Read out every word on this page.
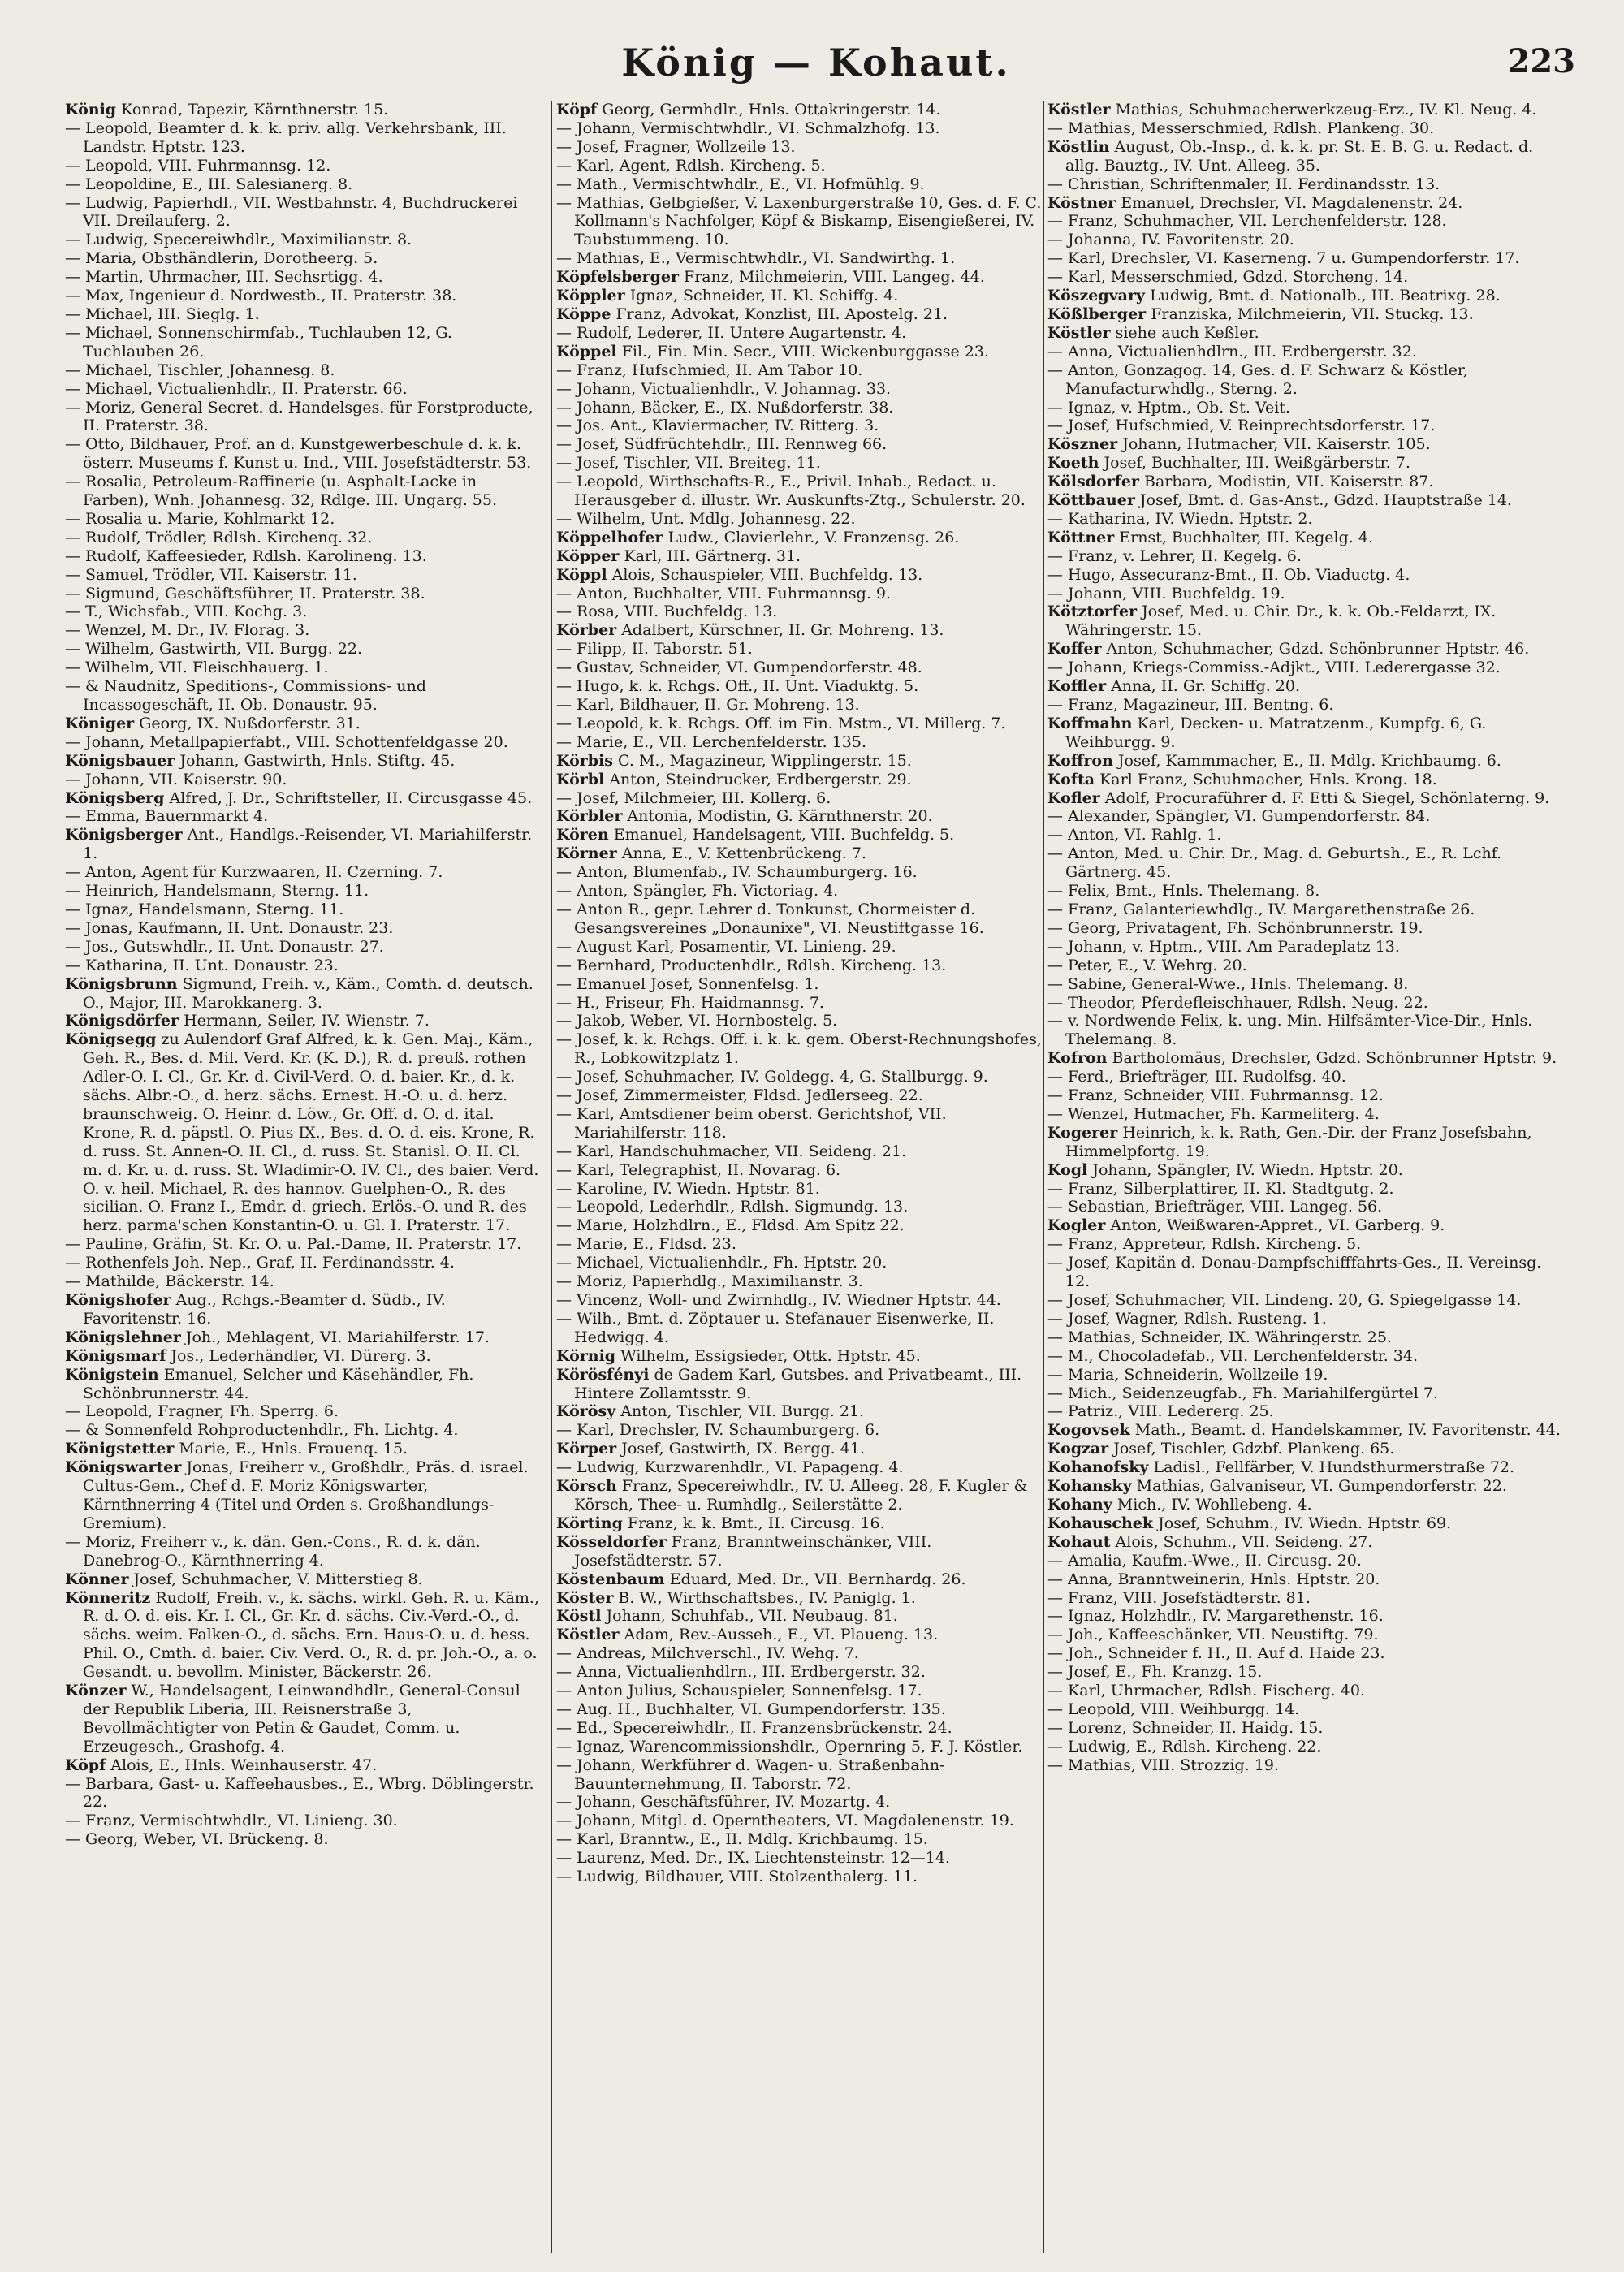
König — Kohaut.	223
König Konrad, Tapezir, Kärnthnerstr. 15.
— Leopold, Beamter d. k. k. priv. allg. Verkehrsbank, III. Landstr. Hptstr. 123.
— Leopold, VIII. Fuhrmannsg. 12.
— Leopoldine, E., III. Salesianerg. 8.
— Ludwig, Papierhdl., VII. Westbahnstr. 4, Buchdruckerei VII. Dreilauferg. 2.
— Ludwig, Specereiwhdlr., Maximilianstr. 8.
— Maria, Obsthändlerin, Dorotheerg. 5.
— Martin, Uhrmacher, III. Sechsrtigg. 4.
— Max, Ingenieur d. Nordwestb., II. Praterstr. 38.
— Michael, III. Sieglg. 1.
— Michael, Sonnenschirmfab., Tuchlauben 12, G. Tuchlauben 26.
— Michael, Tischler, Johannesg. 8.
— Michael, Victualienhdlr., II. Praterstr. 66.
— Moriz, General Secret. d. Handelsges. für Forstproducte, II. Praterstr. 38.
— Otto, Bildhauer, Prof. an d. Kunstgewerbeschule d. k. k. österr. Museums f. Kunst u. Ind., VIII. Josefstädterstr. 53.
— Rosalia, Petroleum-Raffinerie (u. Asphalt-Lacke in Farben), Wnh. Johannesg. 32, Rdlge. III. Ungarg. 55.
— Rosalia u. Marie, Kohlmarkt 12.
— Rudolf, Trödler, Rdlsh. Kirchenq. 32.
— Rudolf, Kaffeesieder, Rdlsh. Karolineng. 13.
— Samuel, Trödler, VII. Kaiserstr. 11.
— Sigmund, Geschäftsführer, II. Praterstr. 38.
— T., Wichsfab., VIII. Kochg. 3.
— Wenzel, M. Dr., IV. Florag. 3.
— Wilhelm, Gastwirth, VII. Burgg. 22.
— Wilhelm, VII. Fleischhauerg. 1.
— & Naudnitz, Speditions-, Commissions- und Incassogeschäft, II. Ob. Donaustr. 95.
Königer Georg, IX. Nußdorferstr. 31.
— Johann, Metallpapierfabt., VIII. Schottenfeldgasse 20.
Königsbauer Johann, Gastwirth, Hnls. Stiftg. 45.
— Johann, VII. Kaiserstr. 90.
Königsberg Alfred, J. Dr., Schriftsteller, II. Circusgasse 45.
— Emma, Bauernmarkt 4.
Königsberger Ant., Handlgs.-Reisender, VI. Mariahilferstr. 1.
— Anton, Agent für Kurzwaaren, II. Czerning. 7.
— Heinrich, Handelsmann, Sterng. 11.
— Ignaz, Handelsmann, Sterng. 11.
— Jonas, Kaufmann, II. Unt. Donaustr. 23.
— Jos., Gutswhdlr., II. Unt. Donaustr. 27.
— Katharina, II. Unt. Donaustr. 23.
Königsbrunn Sigmund, Freih. v., Käm., Comth. d. deutsch. O., Major, III. Marokkanerg. 3.
Königsdörfer Hermann, Seiler, IV. Wienstr. 7.
Königsegg zu Aulendorf Graf Alfred, k. k. Gen. Maj., Käm., Geh. R., Bes. d. Mil. Verd. Kr. (K. D.), R. d. preuß. rothen Adler-O. I. Cl., Gr. Kr. d. Civil-Verd. O. d. baier. Kr., d. k. sächs. Albr.-O., d. herz. sächs. Ernest. H.-O. u. d. herz. braunschweig. O. Heinr. d. Löw., Gr. Off. d. O. d. ital. Krone, R. d. päpstl. O. Pius IX., Bes. d. O. d. eis. Krone, R. d. russ. St. Annen-O. II. Cl., d. russ. St. Stanisl. O. II. Cl. m. d. Kr. u. d. russ. St. Wladimir-O. IV. Cl., des baier. Verd. O. v. heil. Michael, R. des hannov. Guelphen-O., R. des sicilian. O. Franz I., Emdr. d. griech. Erlös.-O. und R. des herz. parma'schen Konstantin-O. u. Gl. I. Praterstr. 17.
— Pauline, Gräfin, St. Kr. O. u. Pal.-Dame, II. Praterstr. 17.
— Rothenfels Joh. Nep., Graf, II. Ferdinandsstr. 4.
— Mathilde, Bäckerstr. 14.
Königshofer Aug., Rchgs.-Beamter d. Südb., IV. Favoritenstr. 16.
Königslehner Joh., Mehlagent, VI. Mariahilferstr. 17.
Königsmarf Jos., Lederhändler, VI. Dürerg. 3.
Königstein Emanuel, Selcher und Käsehändler, Fh. Schönbrunnerstr. 44.
— Leopold, Fragner, Fh. Sperrg. 6.
— & Sonnenfeld Rohproductenhdlr., Fh. Lichtg. 4.
Königstetter Marie, E., Hnls. Frauenq. 15.
Königswarter Jonas, Freiherr v., Großhdlr., Präs. d. israel. Cultus-Gem., Chef d. F. Moriz Königswarter, Kärnthnerring 4 (Titel und Orden s. Großhandlungs-Gremium).
— Moriz, Freiherr v., k. dän. Gen.-Cons., R. d. k. dän. Danebrog-O., Kärnthnerring 4.
Könner Josef, Schuhmacher, V. Mitterstieg 8.
Könneritz Rudolf, Freih. v., k. sächs. wirkl. Geh. R. u. Käm., R. d. O. d. eis. Kr. I. Cl., Gr. Kr. d. sächs. Civ.-Verd.-O., d. sächs. weim. Falken-O., d. sächs. Ern. Haus-O. u. d. hess. Phil. O., Cmth. d. baier. Civ. Verd. O., R. d. pr. Joh.-O., a. o. Gesandt. u. bevollm. Minister, Bäckerstr. 26.
Könzer W., Handelsagent, Leinwandhdlr., General-Consul der Republik Liberia, III. Reisnerstraße 3, Bevollmächtigter von Petin & Gaudet, Comm. u. Erzeugesch., Grashofg. 4.
Köpf Alois, E., Hnls. Weinhauserstr. 47.
— Barbara, Gast- u. Kaffeehausbes., E., Wbrg. Döblingerstr. 22.
— Franz, Vermischtwhdlr., VI. Linieng. 30.
— Georg, Weber, VI. Brückeng. 8.
Köpf Georg, Germhdlr., Hnls. Ottakringerstr. 14.
— Johann, Vermischtwhdlr., VI. Schmalzhofg. 13.
— Josef, Fragner, Wollzeile 13.
— Karl, Agent, Rdlsh. Kircheng. 5.
— Math., Vermischtwhdlr., E., VI. Hofmühlg. 9.
— Mathias, Gelbgießer, V. Laxenburgerstraße 10, Ges. d. F. C. Kollmann's Nachfolger, Köpf & Biskamp, Eisengießerei, IV. Taubstummeng. 10.
— Mathias, E., Vermischtwhdlr., VI. Sandwirthg. 1.
Köpfelsberger Franz, Milchmeierin, VIII. Langeg. 44.
Köppler Ignaz, Schneider, II. Kl. Schiffg. 4.
Köppe Franz, Advokat, Konzlist, III. Apostelg. 21.
— Rudolf, Lederer, II. Untere Augartenstr. 4.
Köppel Fil., Fin. Min. Secr., VIII. Wickenburggasse 23.
— Franz, Hufschmied, II. Am Tabor 10.
— Johann, Victualienhdlr., V. Johannag. 33.
— Johann, Bäcker, E., IX. Nußdorferstr. 38.
— Jos. Ant., Klaviermacher, IV. Ritterg. 3.
— Josef, Südfrüchtehdlr., III. Rennweg 66.
— Josef, Tischler, VII. Breiteg. 11.
— Leopold, Wirthschafts-R., E., Privil. Inhab., Redact. u. Herausgeber d. illustr. Wr. Auskunfts-Ztg., Schulerstr. 20.
— Wilhelm, Unt. Mdlg. Johannesg. 22.
Köppelhofer Ludw., Clavierlehr., V. Franzensg. 26.
Köpper Karl, III. Gärtnerg. 31.
Köppl Alois, Schauspieler, VIII. Buchfeldg. 13.
— Anton, Buchhalter, VIII. Fuhrmannsg. 9.
— Rosa, VIII. Buchfeldg. 13.
Körber Adalbert, Kürschner, II. Gr. Mohreng. 13.
— Filipp, II. Taborstr. 51.
— Gustav, Schneider, VI. Gumpendorferstr. 48.
— Hugo, k. k. Rchgs. Off., II. Unt. Viaduktg. 5.
— Karl, Bildhauer, II. Gr. Mohreng. 13.
— Leopold, k. k. Rchgs. Off. im Fin. Mstm., VI. Millerg. 7.
— Marie, E., VII. Lerchenfelderstr. 135.
Körbis C. M., Magazineur, Wipplingerstr. 15.
Körbl Anton, Steindrucker, Erdbergerstr. 29.
— Josef, Milchmeier, III. Kollerg. 6.
Körbler Antonia, Modistin, G. Kärnthnerstr. 20.
Kören Emanuel, Handelsagent, VIII. Buchfeldg. 5.
Körner Anna, E., V. Kettenbrückeng. 7.
— Anton, Blumenfab., IV. Schaumburgerg. 16.
— Anton, Spängler, Fh. Victoriag. 4.
— Anton R., gepr. Lehrer d. Tonkunst, Chormeister d. Gesangsvereines „Donaunixe", VI. Neustiftgasse 16.
— August Karl, Posamentir, VI. Linieng. 29.
— Bernhard, Productenhdlr., Rdlsh. Kircheng. 13.
— Emanuel Josef, Sonnenfelsg. 1.
— H., Friseur, Fh. Haidmannsg. 7.
— Jakob, Weber, VI. Hornbostelg. 5.
— Josef, k. k. Rchgs. Off. i. k. k. gem. Oberst-Rechnungshofes, R., Lobkowitzplatz 1.
— Josef, Schuhmacher, IV. Goldegg. 4, G. Stallburgg. 9.
— Josef, Zimmermeister, Fldsd. Jedlerseeg. 22.
— Karl, Amtsdiener beim oberst. Gerichtshof, VII. Mariahilferstr. 118.
— Karl, Handschuhmacher, VII. Seideng. 21.
— Karl, Telegraphist, II. Novarag. 6.
— Karoline, IV. Wiedn. Hptstr. 81.
— Leopold, Lederhdlr., Rdlsh. Sigmundg. 13.
— Marie, Holzhdlrn., E., Fldsd. Am Spitz 22.
— Marie, E., Fldsd. 23.
— Michael, Victualienhdlr., Fh. Hptstr. 20.
— Moriz, Papierhdlg., Maximilianstr. 3.
— Vincenz, Woll- und Zwirnhdlg., IV. Wiedner Hptstr. 44.
— Wilh., Bmt. d. Zöptauer u. Stefanauer Eisenwerke, II. Hedwigg. 4.
Körnig Wilhelm, Essigsieder, Ottk. Hptstr. 45.
Körösfényi de Gadem Karl, Gutsbes. and Privatbeamt., III. Hintere Zollamtsstr. 9.
Körösy Anton, Tischler, VII. Burgg. 21.
— Karl, Drechsler, IV. Schaumburgerg. 6.
Körper Josef, Gastwirth, IX. Bergg. 41.
— Ludwig, Kurzwarenhdlr., VI. Papageng. 4.
Körsch Franz, Specereiwhdlr., IV. U. Alleeg. 28, F. Kugler & Körsch, Thee- u. Rumhdlg., Seilerstätte 2.
Körting Franz, k. k. Bmt., II. Circusg. 16.
Kösseldorfer Franz, Branntweinschänker, VIII. Josefstädterstr. 57.
Köstenbaum Eduard, Med. Dr., VII. Bernhardg. 26.
Köster B. W., Wirthschaftsbes., IV. Paniglg. 1.
Köstl Johann, Schuhfab., VII. Neubaug. 81.
Köstler Adam, Rev.-Ausseh., E., VI. Plaueng. 13.
— Andreas, Milchverschl., IV. Wehg. 7.
— Anna, Victualienhdlrn., III. Erdbergerstr. 32.
— Anton Julius, Schauspieler, Sonnenfelsg. 17.
— Aug. H., Buchhalter, VI. Gumpendorferstr. 135.
— Ed., Specereiwhdlr., II. Franzensbrückenstr. 24.
— Ignaz, Warencommissionshdlr., Opernring 5, F. J. Köstler.
— Johann, Werkführer d. Wagen- u. Straßenbahn-Bauunternehmung, II. Taborstr. 72.
— Johann, Geschäftsführer, IV. Mozartg. 4.
— Johann, Mitgl. d. Opernthеaters, VI. Magdalenenstr. 19.
— Karl, Branntw., E., II. Mdlg. Krichbaumg. 15.
— Laurenz, Med. Dr., IX. Liechtensteinstr. 12—14.
— Ludwig, Bildhauer, VIII. Stolzenthalerg. 11.
Köstler Mathias, Schuhmacherwerkzeug-Erz., IV. Kl. Neug. 4.
— Mathias, Messerschmied, Rdlsh. Plankeng. 30.
Köstlin August, Ob.-Insp., d. k. k. pr. St. E. B. G. u. Redact. d. allg. Bauztg., IV. Unt. Alleeg. 35.
— Christian, Schriftenmaler, II. Ferdinandsstr. 13.
Köstner Emanuel, Drechsler, VI. Magdalenenstr. 24.
— Franz, Schuhmacher, VII. Lerchenfelderstr. 128.
— Johanna, IV. Favoritenstr. 20.
— Karl, Drechsler, VI. Kaserneng. 7 u. Gumpendorferstr. 17.
— Karl, Messerschmied, Gdzd. Storcheng. 14.
Köszegvary Ludwig, Bmt. d. Nationalb., III. Beatrixg. 28.
Kößlberger Franziska, Milchmeierin, VII. Stuckg. 13.
Köstler siehe auch Keßler.
— Anna, Victualienhdlrn., III. Erdbergerstr. 32.
— Anton, Gonzagog. 14, Ges. d. F. Schwarz & Köstler, Manufacturwhdlg., Sterng. 2.
— Ignaz, v. Hptm., Ob. St. Veit.
— Josef, Hufschmied, V. Reinprechtsdorferstr. 17.
Köszner Johann, Hutmacher, VII. Kaiserstr. 105.
Koeth Josef, Buchhalter, III. Weißgärberstr. 7.
Kölsdorfer Barbara, Modistin, VII. Kaiserstr. 87.
Köttbauer Josef, Bmt. d. Gas-Anst., Gdzd. Hauptstraße 14.
— Katharina, IV. Wiedn. Hptstr. 2.
Köttner Ernst, Buchhalter, III. Kegelg. 4.
— Franz, v. Lehrer, II. Kegelg. 6.
— Hugo, Assecuranz-Bmt., II. Ob. Viaductg. 4.
— Johann, VIII. Buchfeldg. 19.
Kötztorfer Josef, Med. u. Chir. Dr., k. k. Ob.-Feldarzt, IX. Währingerstr. 15.
Koffer Anton, Schuhmacher, Gdzd. Schönbrunner Hptstr. 46.
— Johann, Kriegs-Commiss.-Adjkt., VIII. Lederergasse 32.
Koffler Anna, II. Gr. Schiffg. 20.
— Franz, Magazineur, III. Bentng. 6.
Koffmahn Karl, Decken- u. Matratzenm., Kumpfg. 6, G. Weihburgg. 9.
Koffron Josef, Kammmacher, E., II. Mdlg. Krichbaumg. 6.
Kofta Karl Franz, Schuhmacher, Hnls. Krong. 18.
Kofler Adolf, Procuraführer d. F. Etti & Siegel, Schönlaterng. 9.
— Alexander, Spängler, VI. Gumpendorferstr. 84.
— Anton, VI. Rahlg. 1.
— Anton, Med. u. Chir. Dr., Mag. d. Geburtsh., E., R. Lchf. Gärtnerg. 45.
— Felix, Bmt., Hnls. Thelemang. 8.
— Franz, Galanteriewhdlg., IV. Margarethenstraße 26.
— Georg, Privatagent, Fh. Schönbrunnerstr. 19.
— Johann, v. Hptm., VIII. Am Paradeplatz 13.
— Peter, E., V. Wehrg. 20.
— Sabine, General-Wwe., Hnls. Thelemang. 8.
— Theodor, Pferdefleischhauer, Rdlsh. Neug. 22.
— v. Nordwende Felix, k. ung. Min. Hilfsämter-Vice-Dir., Hnls. Thelemang. 8.
Kofron Bartholomäus, Drechsler, Gdzd. Schönbrunner Hptstr. 9.
— Ferd., Briefträger, III. Rudolfsg. 40.
— Franz, Schneider, VIII. Fuhrmannsg. 12.
— Wenzel, Hutmacher, Fh. Karmeliterg. 4.
Kogerer Heinrich, k. k. Rath, Gen.-Dir. der Franz Josefsbahn, Himmelpfortg. 19.
Kogl Johann, Spängler, IV. Wiedn. Hptstr. 20.
— Franz, Silberplattirer, II. Kl. Stadtgutg. 2.
— Sebastian, Briefträger, VIII. Langeg. 56.
Kogler Anton, Weißwaren-Appret., VI. Garberg. 9.
— Franz, Appreteur, Rdlsh. Kircheng. 5.
— Josef, Kapitän d. Donau-Dampfschifffahrts-Ges., II. Vereinsg. 12.
— Josef, Schuhmacher, VII. Lindeng. 20, G. Spiegelgasse 14.
— Josef, Wagner, Rdlsh. Rusteng. 1.
— Mathias, Schneider, IX. Währingerstr. 25.
— M., Chocoladefab., VII. Lerchenfelderstr. 34.
— Maria, Schneiderin, Wollzeile 19.
— Mich., Seidenzeugfab., Fh. Mariahilfergürtel 7.
— Patriz., VIII. Ledererg. 25.
Kogovsek Math., Beamt. d. Handelskammer, IV. Favoritenstr. 44.
Kogzar Josef, Tischler, Gdzbf. Plankeng. 65.
Kohanofsky Ladisl., Fellfärber, V. Hundsthurmerstraße 72.
Kohansky Mathias, Galvaniseur, VI. Gumpendorferstr. 22.
Kohany Mich., IV. Wohllebeng. 4.
Kohauschek Josef, Schuhm., IV. Wiedn. Hptstr. 69.
Kohaut Alois, Schuhm., VII. Seideng. 27.
— Amalia, Kaufm.-Wwe., II. Circusg. 20.
— Anna, Branntweinerin, Hnls. Hptstr. 20.
— Franz, VIII. Josefstädterstr. 81.
— Ignaz, Holzhdlr., IV. Margarethenstr. 16.
— Joh., Kaffeeschänker, VII. Neustiftg. 79.
— Joh., Schneider f. H., II. Auf d. Haide 23.
— Josef, E., Fh. Kranzg. 15.
— Karl, Uhrmacher, Rdlsh. Fischerg. 40.
— Leopold, VIII. Weihburgg. 14.
— Lorenz, Schneider, II. Haidg. 15.
— Ludwig, E., Rdlsh. Kircheng. 22.
— Mathias, VIII. Strozzig. 19.
